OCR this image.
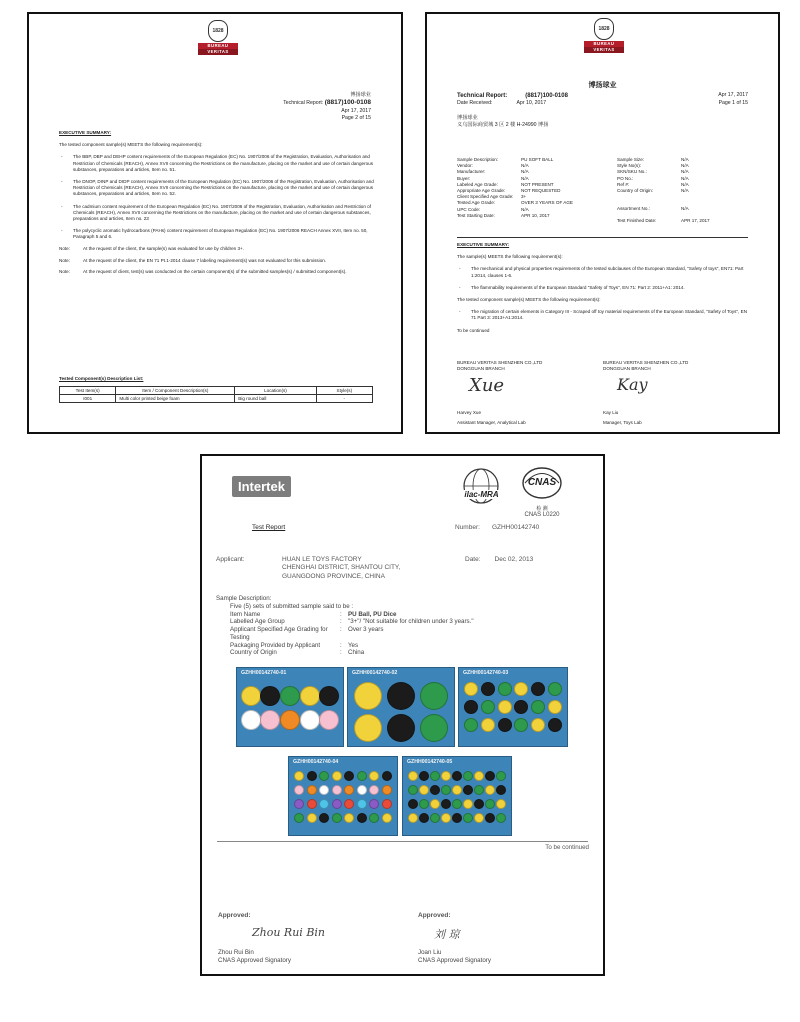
1828
BUREAU
VERITAS
博扬球业
Technical Report: (8817)100-0108
Apr 17, 2017
Page 2 of 15
EXECUTIVE SUMMARY:
The tested component sample(s) MEETS the following requirement(s):
- The BBP, DBP and DEHP content requirements of the European Regulation (EC) No. 1907/2006 of the Registration, Evaluation, Authorisation and Restriction of Chemicals (REACH), Annex XVII concerning the Restrictions on the manufacture, placing on the market and use of certain dangerous substances, preparations and articles, Item no. 51.
- The DNOP, DINP and DIDP content requirements of the European Regulation (EC) No. 1907/2006 of the Registration, Evaluation, Authorisation and Restriction of Chemicals (REACH), Annex XVII concerning the Restrictions on the manufacture, placing on the market and use of certain dangerous substances, preparations and articles, Item no. 52.
- The cadmium content requirement of the European Regulation (EC) No. 1907/2006 of the Registration, Evaluation, Authorisation and Restriction of Chemicals (REACH), Annex XVII concerning the Restrictions on the manufacture, placing on the market and use of certain dangerous substances, preparations and articles, Item no. 23
- The polycyclic aromatic hydrocarbons (PAHs) content requirement of European Regulation (EC) No. 1907/2006 REACH Annex XVII, Item no. 50, Paragraph 5 and 6.
Note:	At the request of the client, the sample(s) was evaluated for use by children 3+.
Note:	At the request of the client, the EN 71 Pt.1-2014 clause 7 labeling requirement(s) was not evaluated for this submission.
Note:	At the request of client, test(s) was conducted on the certain component(s) of the submitted samples(s) / submitted component(s).
Tested Component(s) Description List:
Test Item(s)	Item / Component Description(s)	Location(s)	Style(s)
I001	Multi color printed beige foam	Big round ball	-
1828
BUREAU
VERITAS
博扬球业
Technical Report:	(8817)100-0108	Apr 17, 2017
Date Received:	Apr 10, 2017	Page 1 of 15
博扬球业
义乌国际商贸城 3 区 2 楼 H-24990 博扬
Sample Description:	PU SOFT BALL
Vendor:	N/A
Manufacturer:	N/A
Buyer:	N/A
Labeled Age Grade:	NOT PRESENT
Appropriate Age Grade:	NOT REQUESTED
Client Specified Age Grade:	3+
Tested Age Grade:	OVER 3 YEARS OF AGE
UPC Code:	N/A
Test Starting Date:	APR 10, 2017
Sample Size:	N/A
Style No(s):	N/A
SKN/SKU No.:	N/A
PO No.:	N/A
Ref #:	N/A
Country of Origin:	N/A
Assortment No.:	N/A
Test Finished Date:	APR 17, 2017
EXECUTIVE SUMMARY:
The sample(s) MEETS the following requirement(s):
- The mechanical and physical properties requirements of the tested subclauses of the European Standard, "Safety of toys", EN71: Part 1:2014, clauses 1-6.
- The flammability requirements of the European Standard "Safety of Toys", EN 71: Part 2: 2011+A1: 2014.
The tested component sample(s) MEETS the following requirement(s):
- The migration of certain elements in Category III - Scraped off toy material requirements of the European Standard, "Safety of Toys", EN 71 Part 3: 2013+A1:2014.
To be continued
BUREAU VERITAS SHENZHEN CO.,LTD
DONGGUAN BRANCH
Xue
Harvey Xue
Assistant Manager, Analytical Lab
BUREAU VERITAS SHENZHEN CO.,LTD
DONGGUAN BRANCH
Kay
Kay Liu
Manager, Toys Lab
Intertek
ilac-MRA
CNAS
检 测
CNAS L0220
Test Report	Number: GZHH00142740
Applicant:	HUAN LE TOYS FACTORY
CHENGHAI DISTRICT, SHANTOU CITY,
GUANGDONG PROVINCE, CHINA
Date: Dec 02, 2013
Sample Description:
Five (5) sets of submitted sample said to be :
Item Name	:	PU Ball, PU Dice
Labelled Age Group	:	"3+"/ "Not suitable for children under 3 years."
Applicant Specified Age Grading for Testing
:	Over 3 years
Packaging Provided by Applicant	:	Yes
Country of Origin	:	China
GZHH00142740-01	GZHH00142740-02	GZHH00142740-03
GZHH00142740-04	GZHH00142740-05
To be continued
Approved:
Zhou Rui Bin
Zhou Rui Bin
CNAS Approved Signatory
Approved:
刘 琼
Joan Liu
CNAS Approved Signatory
